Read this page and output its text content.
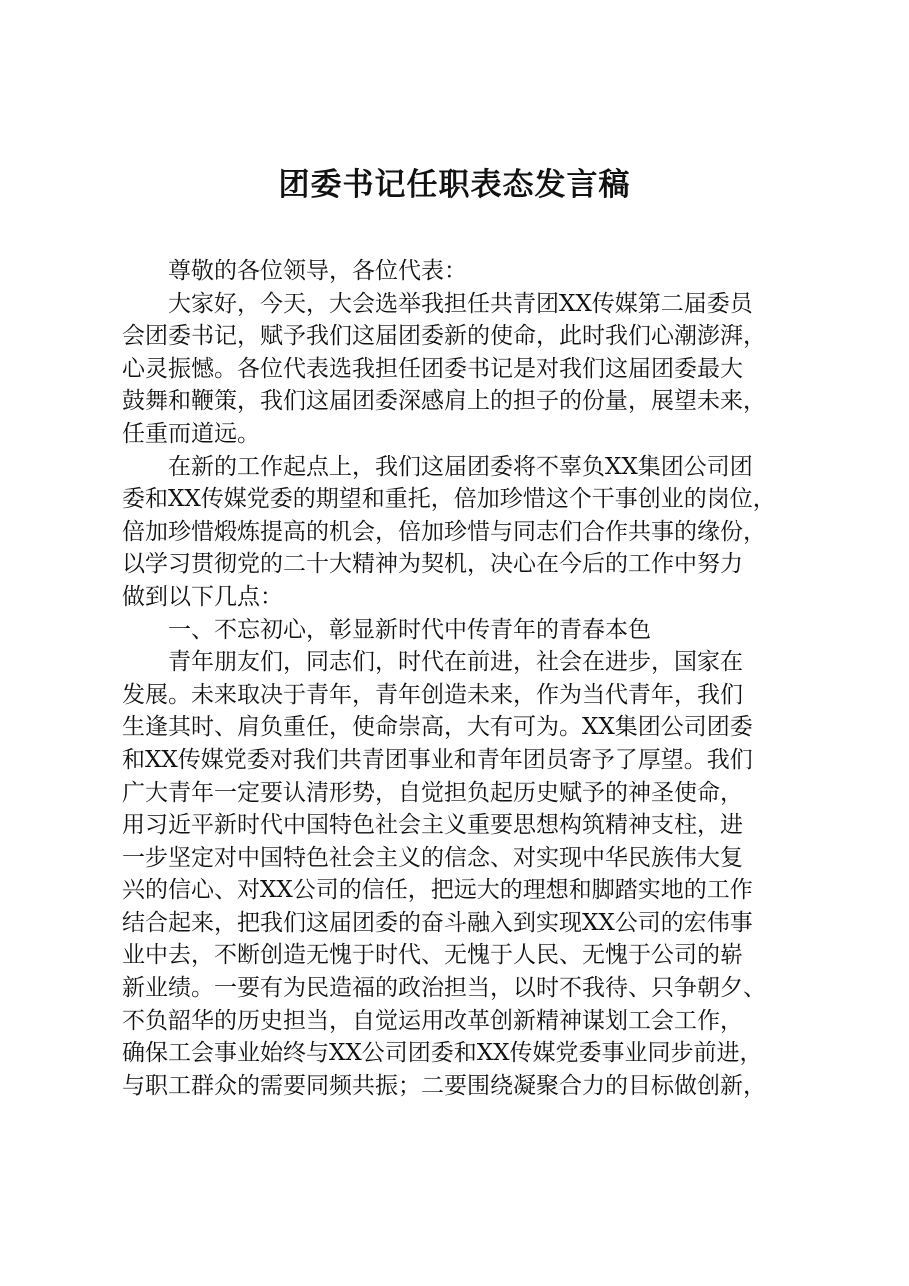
团委书记任职表态发言稿
尊敬的各位领导，各位代表：
大家好，今天，大会选举我担任共青团XX传媒第二届委员
会团委书记，赋予我们这届团委新的使命，此时我们心潮澎湃，
心灵振憾。各位代表选我担任团委书记是对我们这届团委最大
鼓舞和鞭策，我们这届团委深感肩上的担子的份量，展望未来，
任重而道远。
在新的工作起点上，我们这届团委将不辜负XX集团公司团
委和XX传媒党委的期望和重托，倍加珍惜这个干事创业的岗位，
倍加珍惜煅炼提高的机会，倍加珍惜与同志们合作共事的缘份，
以学习贯彻党的二十大精神为契机，决心在今后的工作中努力
做到以下几点：
一、不忘初心，彰显新时代中传青年的青春本色
青年朋友们，同志们，时代在前进，社会在进步，国家在
发展。未来取决于青年，青年创造未来，作为当代青年，我们
生逢其时、肩负重任，使命崇高，大有可为。XX集团公司团委
和XX传媒党委对我们共青团事业和青年团员寄予了厚望。我们
广大青年一定要认清形势，自觉担负起历史赋予的神圣使命，
用习近平新时代中国特色社会主义重要思想构筑精神支柱，进
一步坚定对中国特色社会主义的信念、对实现中华民族伟大复
兴的信心、对XX公司的信任，把远大的理想和脚踏实地的工作
结合起来，把我们这届团委的奋斗融入到实现XX公司的宏伟事
业中去，不断创造无愧于时代、无愧于人民、无愧于公司的崭
新业绩。一要有为民造福的政治担当，以时不我待、只争朝夕、
不负韶华的历史担当，自觉运用改革创新精神谋划工会工作，
确保工会事业始终与XX公司团委和XX传媒党委事业同步前进，
与职工群众的需要同频共振；二要围绕凝聚合力的目标做创新，
